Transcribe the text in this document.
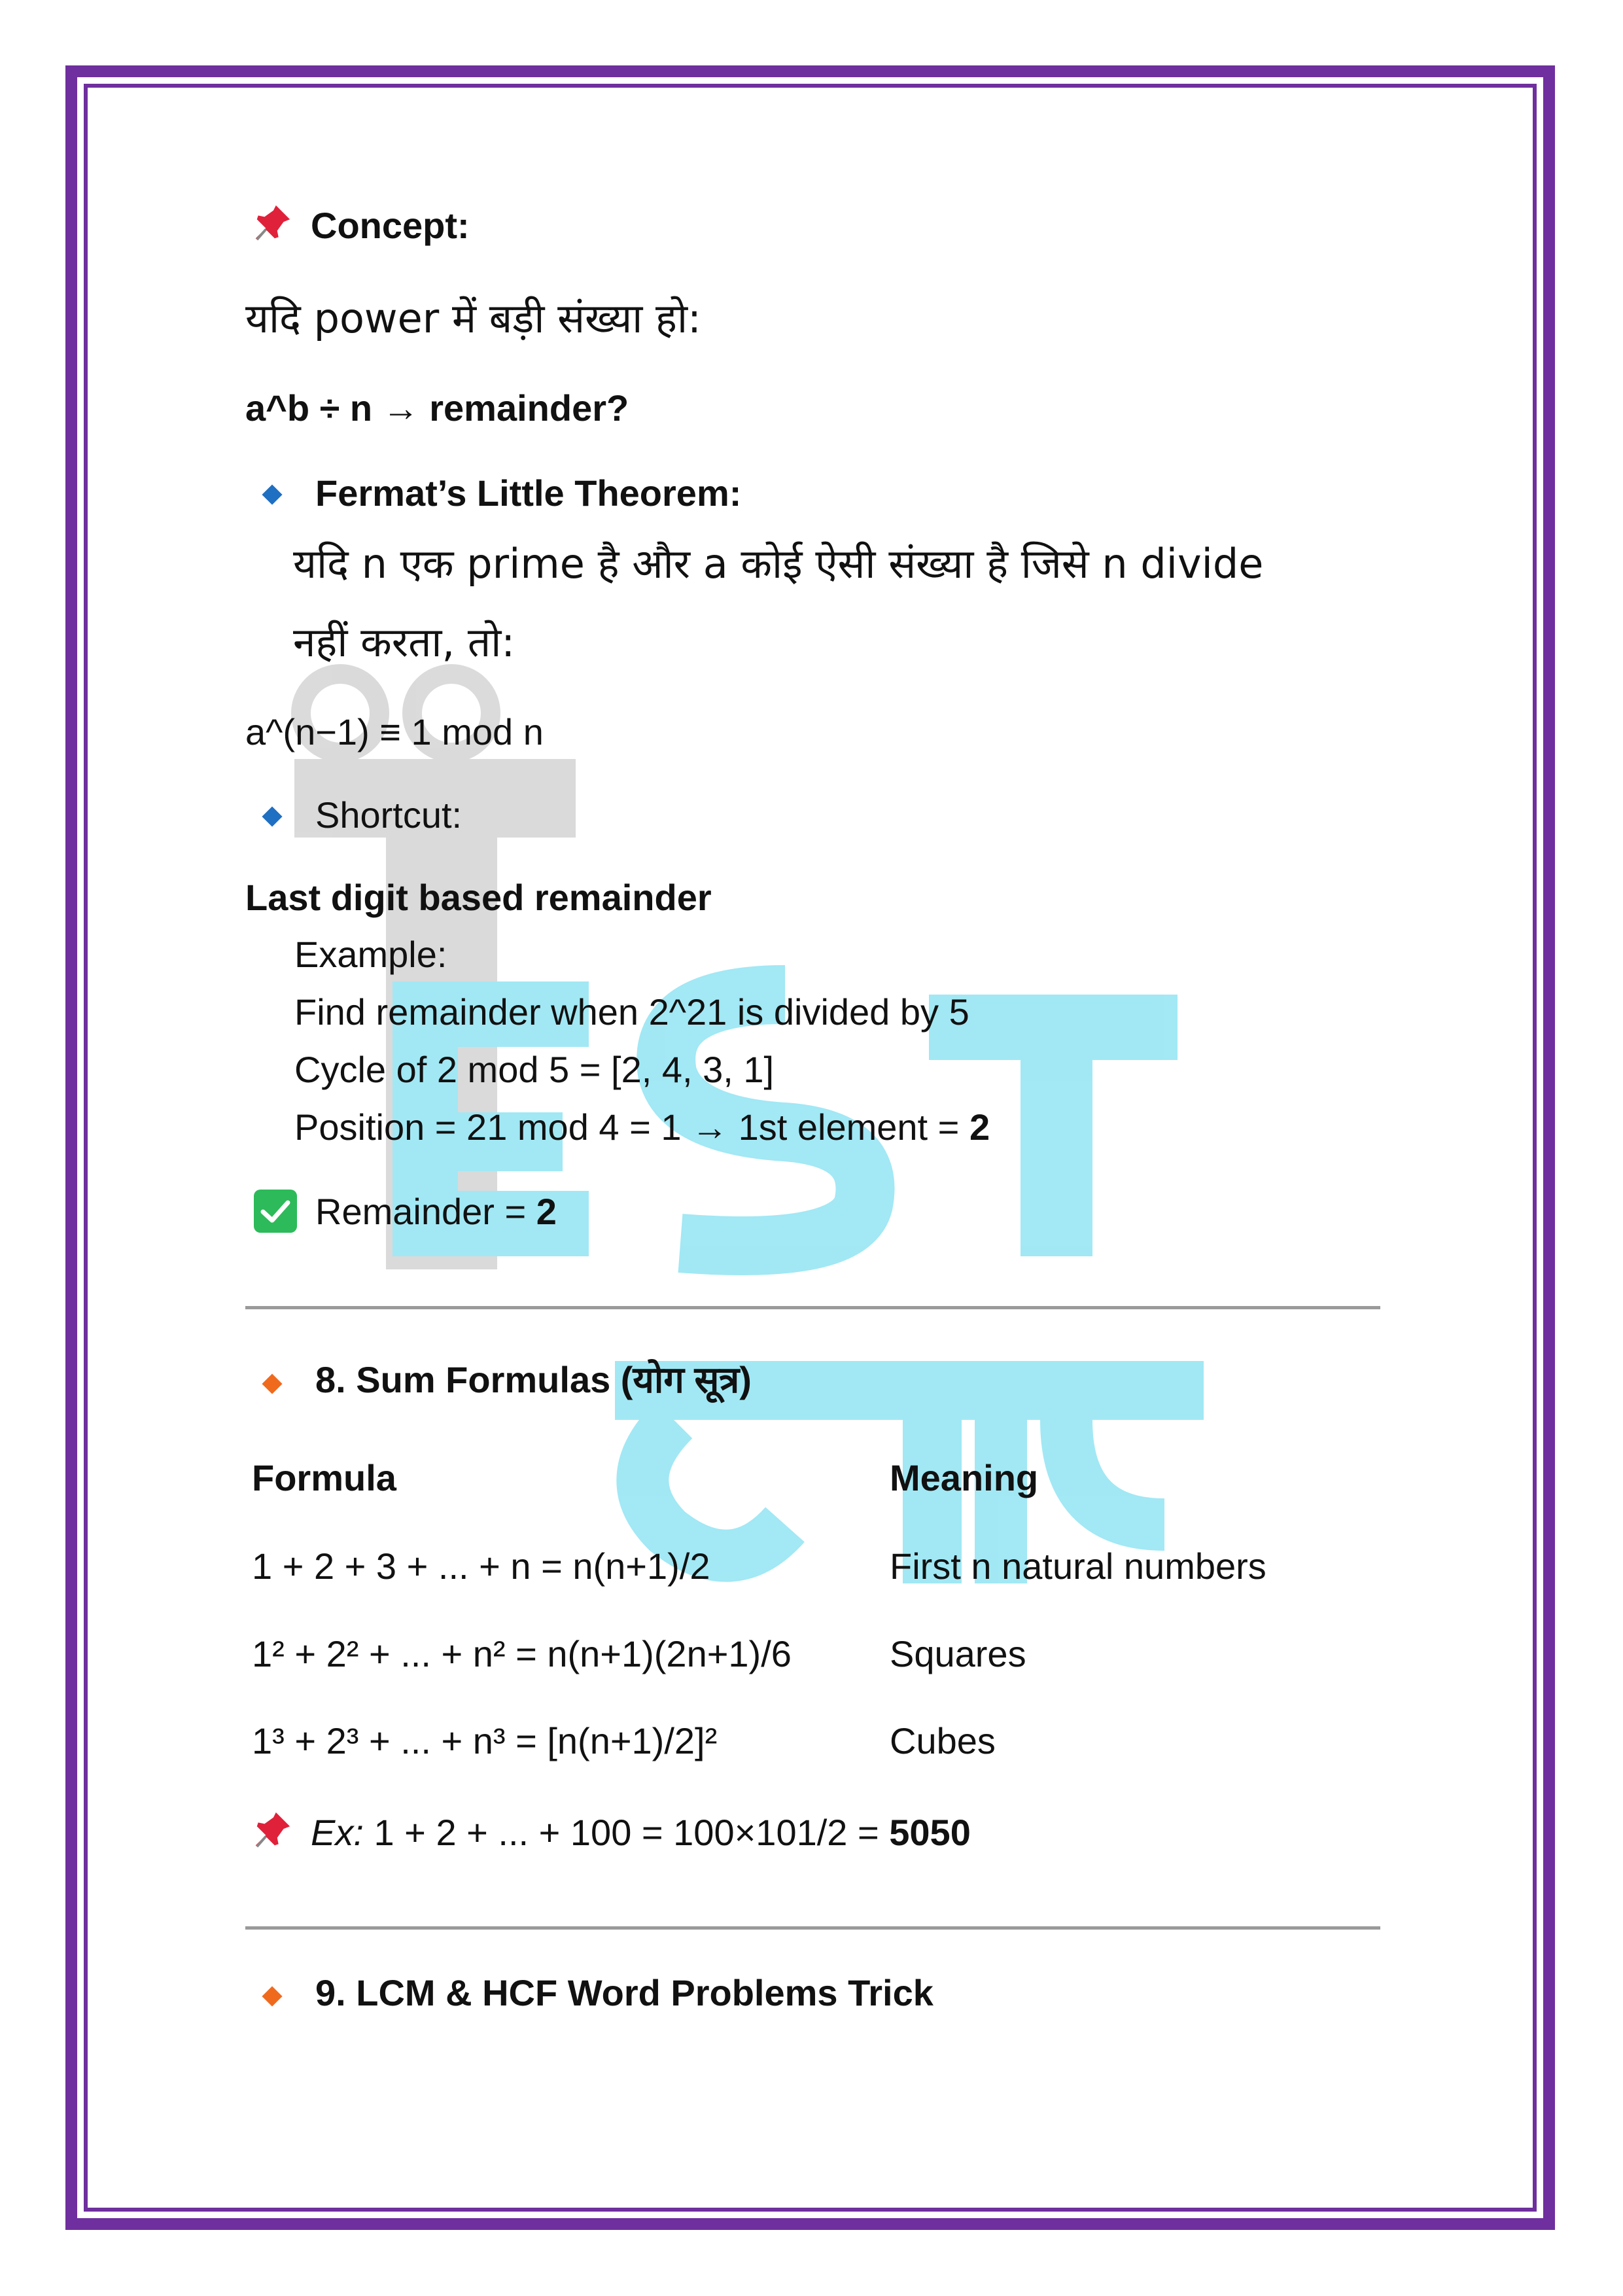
Concept:
यदि power में बड़ी संख्या हो:
a^b ÷ n → remainder?
Fermat’s Little Theorem:
यदि n एक prime है और a कोई ऐसी संख्या है जिसे n divide
नहीं करता, तो:
a^(n−1) ≡ 1 mod n
Shortcut:
Last digit based remainder
Example:
Find remainder when 2^21 is divided by 5
Cycle of 2 mod 5 = [2, 4, 3, 1]
Position = 21 mod 4 = 1 → 1st element = 2
Remainder = 2
8. Sum Formulas (योग सूत्र)
Formula	Meaning
1 + 2 + 3 + ... + n = n(n+1)/2	First n natural numbers
1² + 2² + ... + n² = n(n+1)(2n+1)/6	Squares
1³ + 2³ + ... + n³ = [n(n+1)/2]²	Cubes
Ex: 1 + 2 + ... + 100 = 100×101/2 = 5050
9. LCM & HCF Word Problems Trick
